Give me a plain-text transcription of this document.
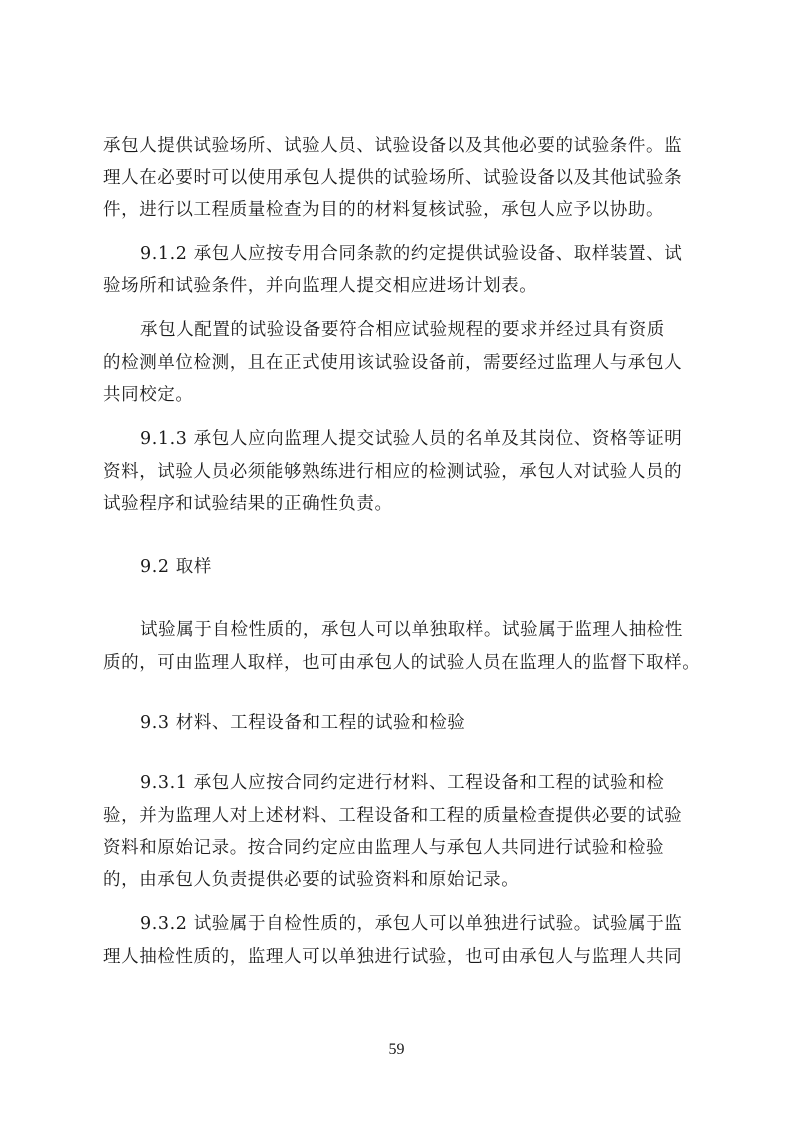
承包人提供试验场所、试验人员、试验设备以及其他必要的试验条件。监
理人在必要时可以使用承包人提供的试验场所、试验设备以及其他试验条
件，进行以工程质量检查为目的的材料复核试验，承包人应予以协助。
9.1.2 承包人应按专用合同条款的约定提供试验设备、取样装置、试
验场所和试验条件，并向监理人提交相应进场计划表。
承包人配置的试验设备要符合相应试验规程的要求并经过具有资质
的检测单位检测，且在正式使用该试验设备前，需要经过监理人与承包人
共同校定。
9.1.3 承包人应向监理人提交试验人员的名单及其岗位、资格等证明
资料，试验人员必须能够熟练进行相应的检测试验，承包人对试验人员的
试验程序和试验结果的正确性负责。
9.2 取样
试验属于自检性质的，承包人可以单独取样。试验属于监理人抽检性
质的，可由监理人取样，也可由承包人的试验人员在监理人的监督下取样。
9.3 材料、工程设备和工程的试验和检验
9.3.1 承包人应按合同约定进行材料、工程设备和工程的试验和检
验，并为监理人对上述材料、工程设备和工程的质量检查提供必要的试验
资料和原始记录。按合同约定应由监理人与承包人共同进行试验和检验
的，由承包人负责提供必要的试验资料和原始记录。
9.3.2 试验属于自检性质的，承包人可以单独进行试验。试验属于监
理人抽检性质的，监理人可以单独进行试验，也可由承包人与监理人共同
59
